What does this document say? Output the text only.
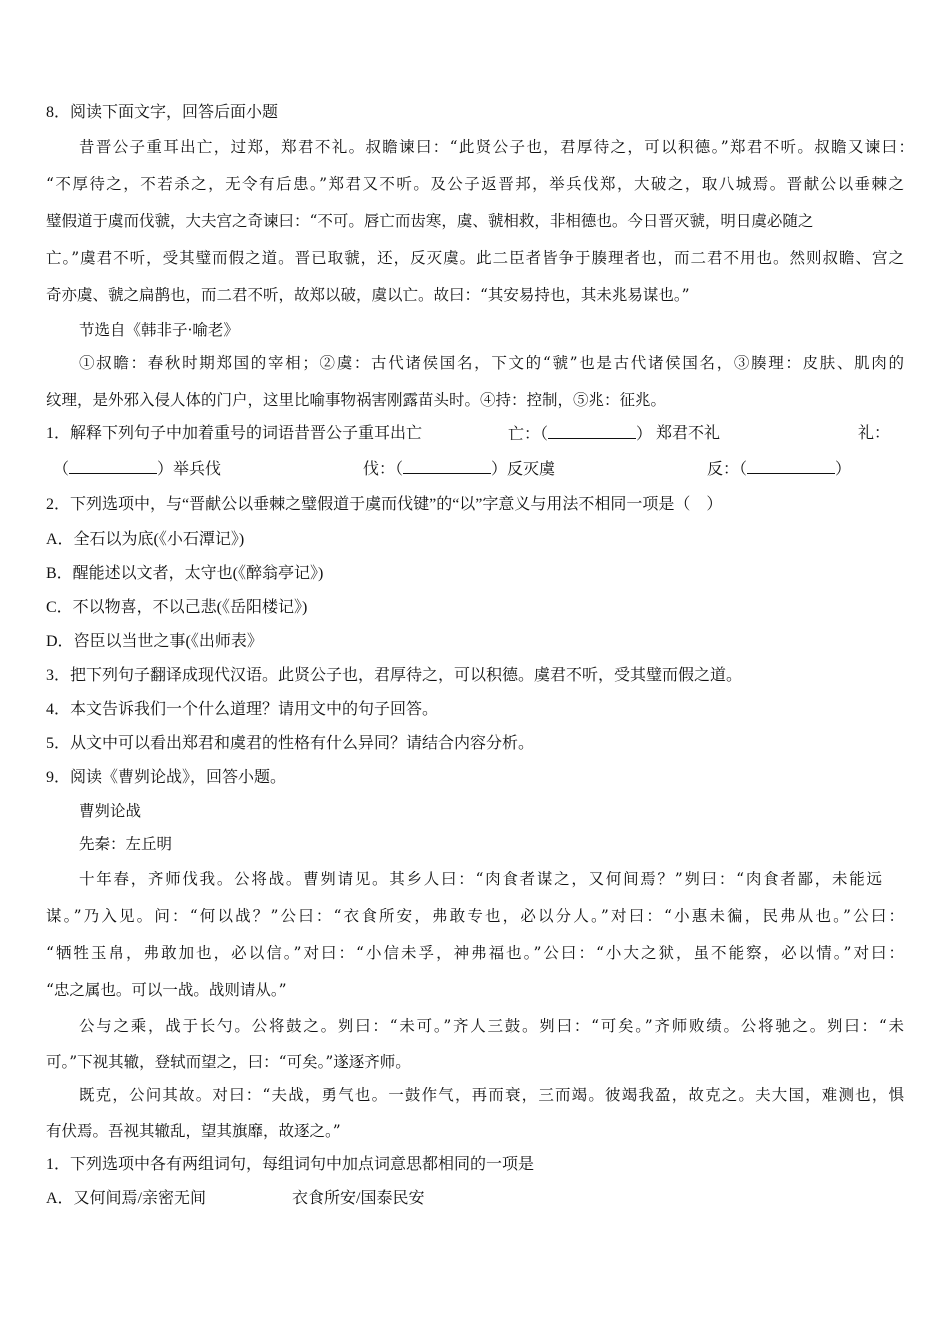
8．阅读下面文字，回答后面小题
昔晋公子重耳出亡，过郑，郑君不礼。叔瞻谏曰：“此贤公子也，君厚待之，可以积德。”郑君不听。叔瞻又谏曰：
“不厚待之，不若杀之，无令有后患。”郑君又不听。及公子返晋邦，举兵伐郑，大破之，取八城焉。晋献公以垂棘之
璧假道于虞而伐虢，大夫宫之奇谏曰：“不可。唇亡而齿寒，虞、虢相救，非相德也。今日晋灭虢，明日虞必随之
亡。”虞君不听，受其璧而假之道。晋已取虢，还，反灭虞。此二臣者皆争于腠理者也，而二君不用也。然则叔瞻、宫之
奇亦虞、虢之扁鹊也，而二君不听，故郑以破，虞以亡。故曰：“其安易持也，其未兆易谋也。”
节选自《韩非子·喻老》
①叔瞻：春秋时期郑国的宰相；②虞：古代诸侯国名，下文的“虢”也是古代诸侯国名，③腠理：皮肤、肌肉的
纹理，是外邪入侵人体的门户，这里比喻事物祸害刚露苗头时。④持：控制，⑤兆：征兆。
1．解释下列句子中加着重号的词语昔晋公子重耳出亡	亡：（	） 郑君不礼	礼：
（	）举兵伐	伐：（	）反灭虞	反：（	）
2．下列选项中，与“晋献公以垂棘之璧假道于虞而伐键”的“以”字意义与用法不相同一项是（　）
A．全石以为底(《小石潭记》)
B．醒能述以文者，太守也(《醉翁亭记》)
C．不以物喜，不以己悲(《岳阳楼记》)
D．咨臣以当世之事(《出师表》
3．把下列句子翻译成现代汉语。此贤公子也，君厚待之，可以积德。虞君不听，受其璧而假之道。
4．本文告诉我们一个什么道理？请用文中的句子回答。
5．从文中可以看出郑君和虞君的性格有什么异同？请结合内容分析。
9．阅读《曹刿论战》，回答小题。
曹刿论战
先秦：左丘明
十年春，齐师伐我。公将战。曹刿请见。其乡人曰：“肉食者谋之，又何间焉？”刿曰：“肉食者鄙，未能远
谋。”乃入见。问：“何以战？”公曰：“衣食所安，弗敢专也，必以分人。”对曰：“小惠未徧，民弗从也。”公曰：
“牺牲玉帛，弗敢加也，必以信。”对曰：“小信未孚，神弗福也。”公曰：“小大之狱，虽不能察，必以情。”对曰：
“忠之属也。可以一战。战则请从。”
公与之乘，战于长勺。公将鼓之。刿曰：“未可。”齐人三鼓。刿曰：“可矣。”齐师败绩。公将驰之。刿曰：“未
可。”下视其辙，登轼而望之，曰：“可矣。”遂逐齐师。
既克，公问其故。对曰：“夫战，勇气也。一鼓作气，再而衰，三而竭。彼竭我盈，故克之。夫大国，难测也，惧
有伏焉。吾视其辙乱，望其旗靡，故逐之。”
1．下列选项中各有两组词句，每组词句中加点词意思都相同的一项是
A．又何间焉/亲密无间	衣食所安/国泰民安
